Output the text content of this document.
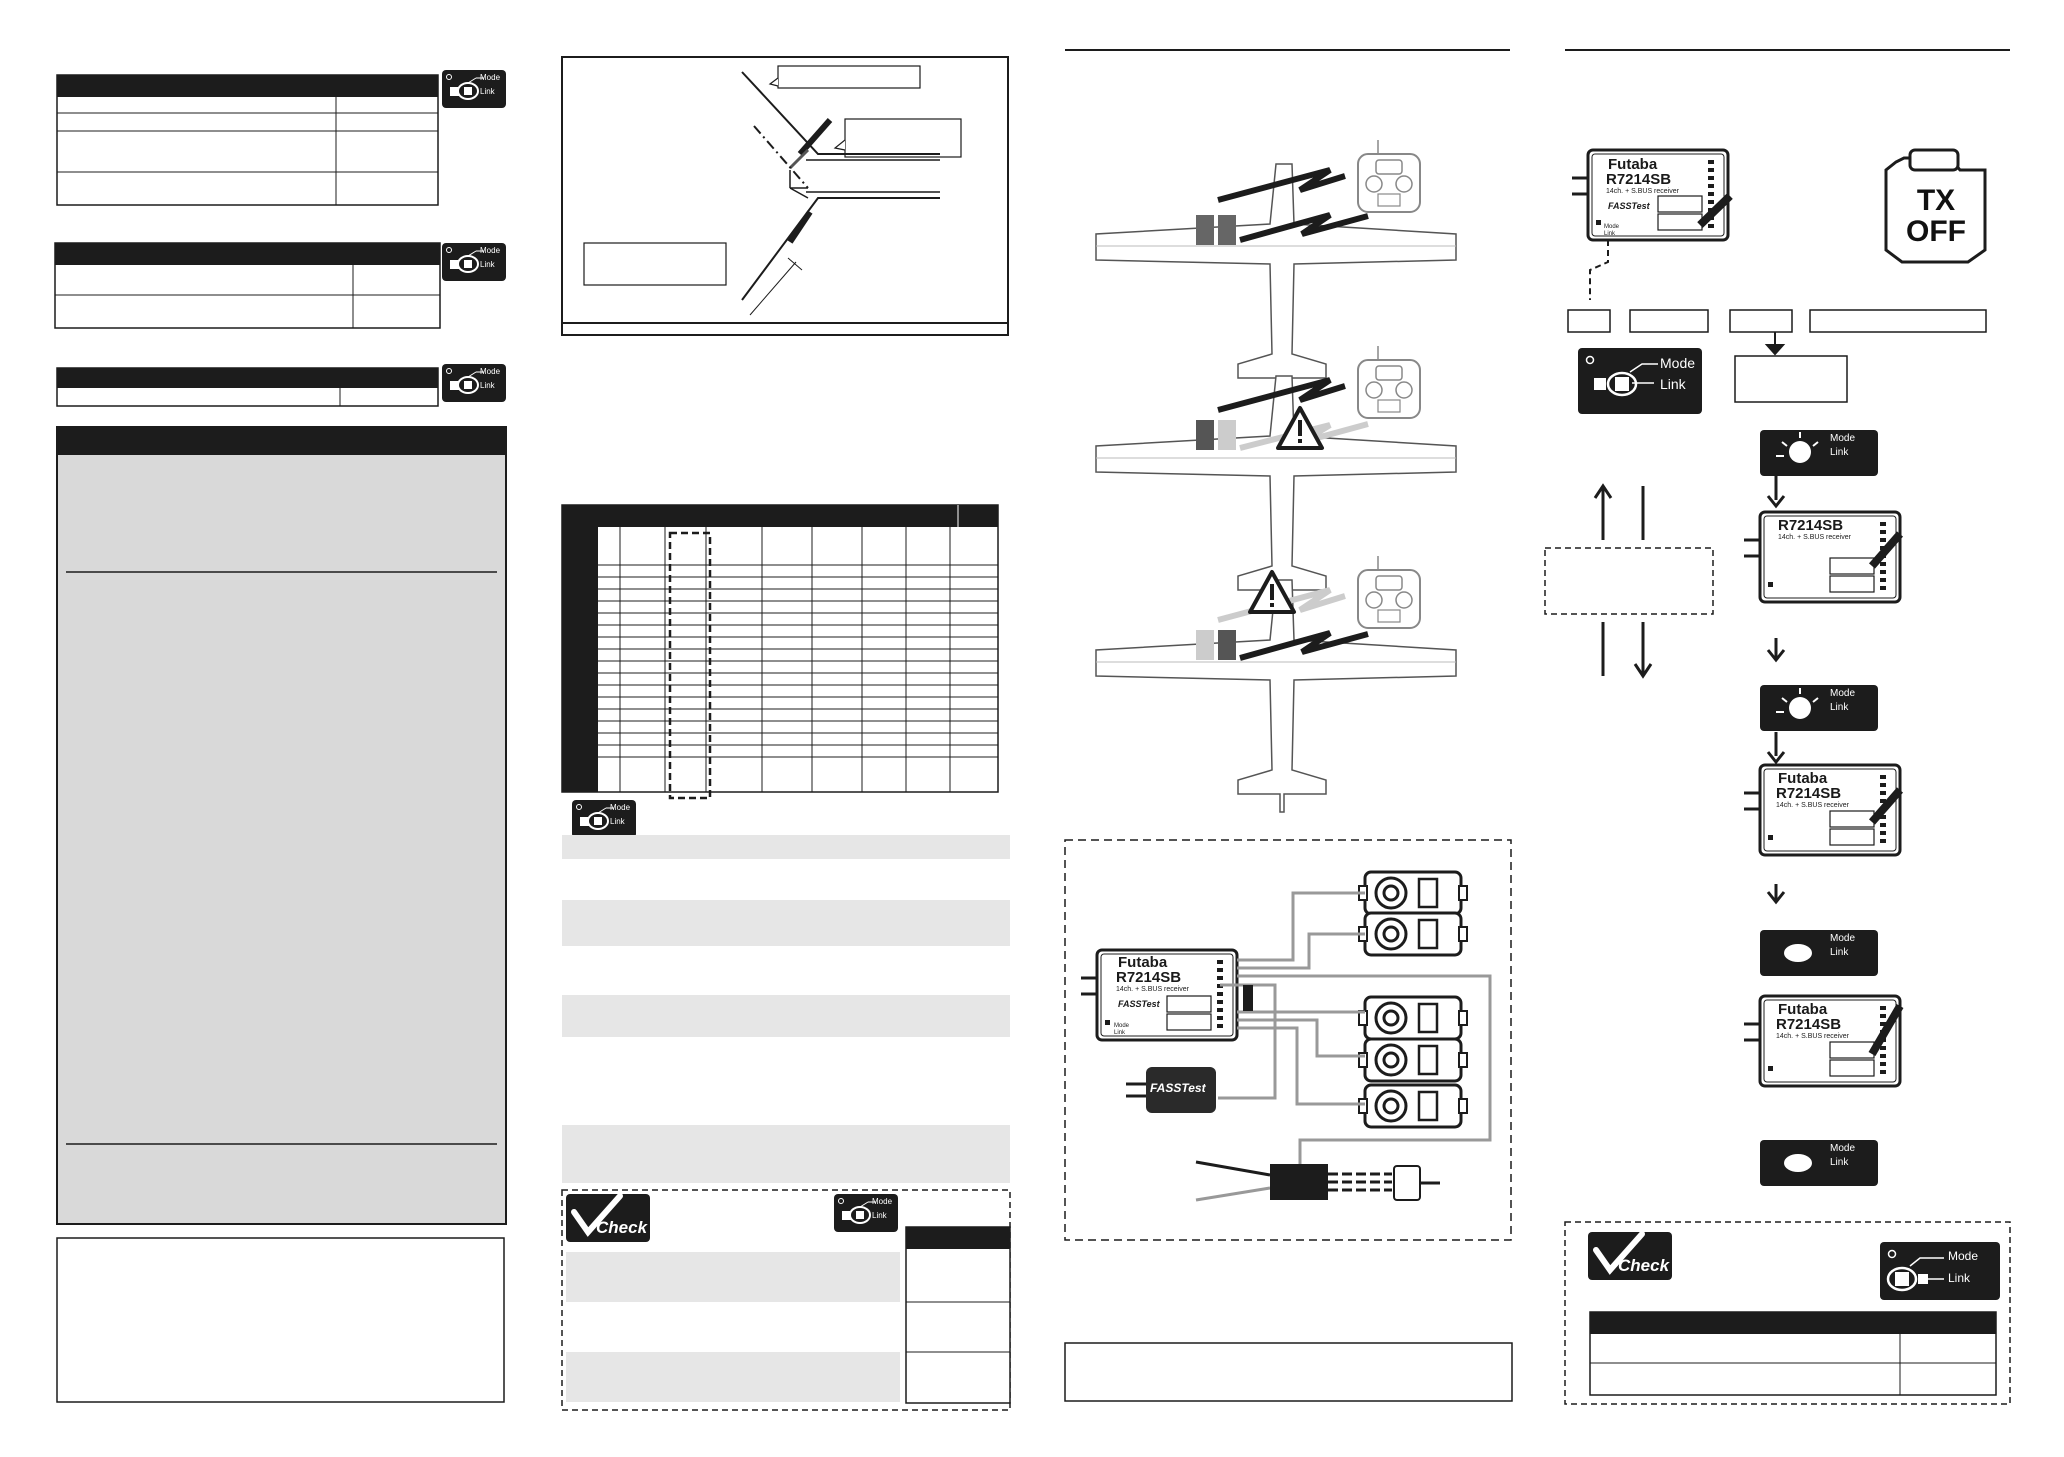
Mode
Link
Mode
Link
Mode
Link
Mode
Link
Mode
Link
Check
Check
Futaba
R7214SB
14ch. + S.BUS receiver
FASSTest
Mode
Link
FASSTest
Futaba
R7214SB
14ch. + S.BUS receiver
FASSTest
Mode
Link
TX OFF
Mode
Link
Mode
Link
Mode
Link
Mode
Link
Mode
Link
R7214SB
14ch. + S.BUS receiver
Futaba
R7214SB
14ch. + S.BUS receiver
Futaba
R7214SB
14ch. + S.BUS receiver
Mode
Link
